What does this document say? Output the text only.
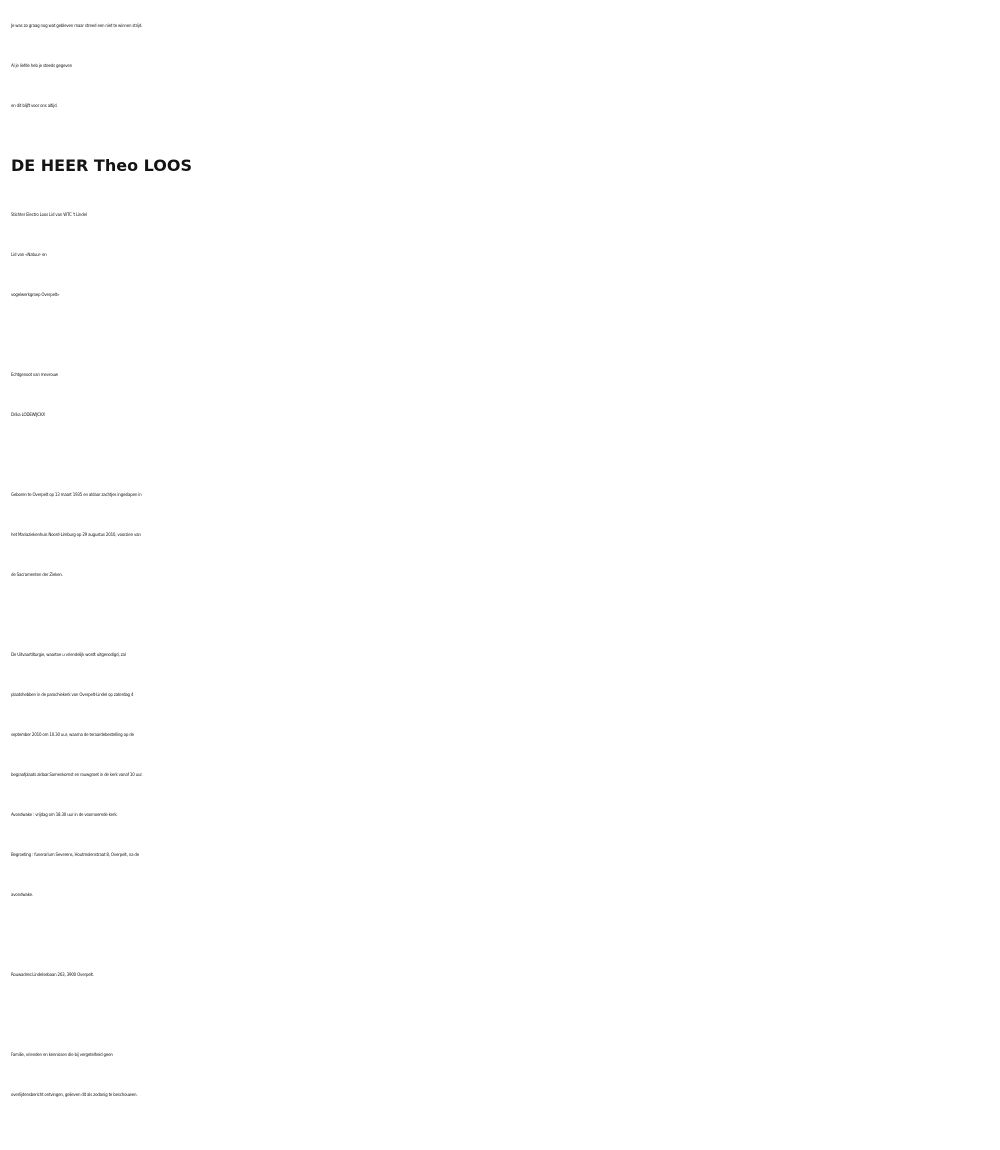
Je was zo graag nog wat gebleven maar streed een niet te winnen strijd.
Al je liefde heb je steeds gegeven
en dit blijft voor ons altijd.
DE HEER Theo LOOS
Stichter Electro Loos Lid van WTC 't Lindel
Lid van «Natuur- en
vogelwerkgroep Overpelt»
Echtgenoot van mevrouw
Drika LODEWIJCKX
Geboren te Overpelt op 13 maart 1935 en aldaar zachtjes ingeslapen in
het Mariaziekenhuis Noord-Limburg op 29 augustus 2010, voorzien van
de Sacramenten der Zieken.
De Uitvaartliturgie, waartoe u vriendelijk wordt uitgenodigd, zal
plaatshebben in de parochiekerk van Overpelt-Lindel op zaterdag 4
september 2010 om 10.30 uur, waarna de teraardebestelling op de
begraafplaats aldaar.Samenkomst en rouwgroet in de kerk vanaf 10 uur.
Avondwake : vrijdag om 18.30 uur in de voornoemde kerk.
Begroeting : funerarium Severens, Houtmolenstraat 8, Overpelt, na de
avondwake.
Rouwadres:Lindelsebaan 263, 3900 Overpelt.
Familie, vrienden en kennissen die bij vergetelheid geen
overlijdensbericht ontvingen, gelieven dit als zodanig te beschouwen.
